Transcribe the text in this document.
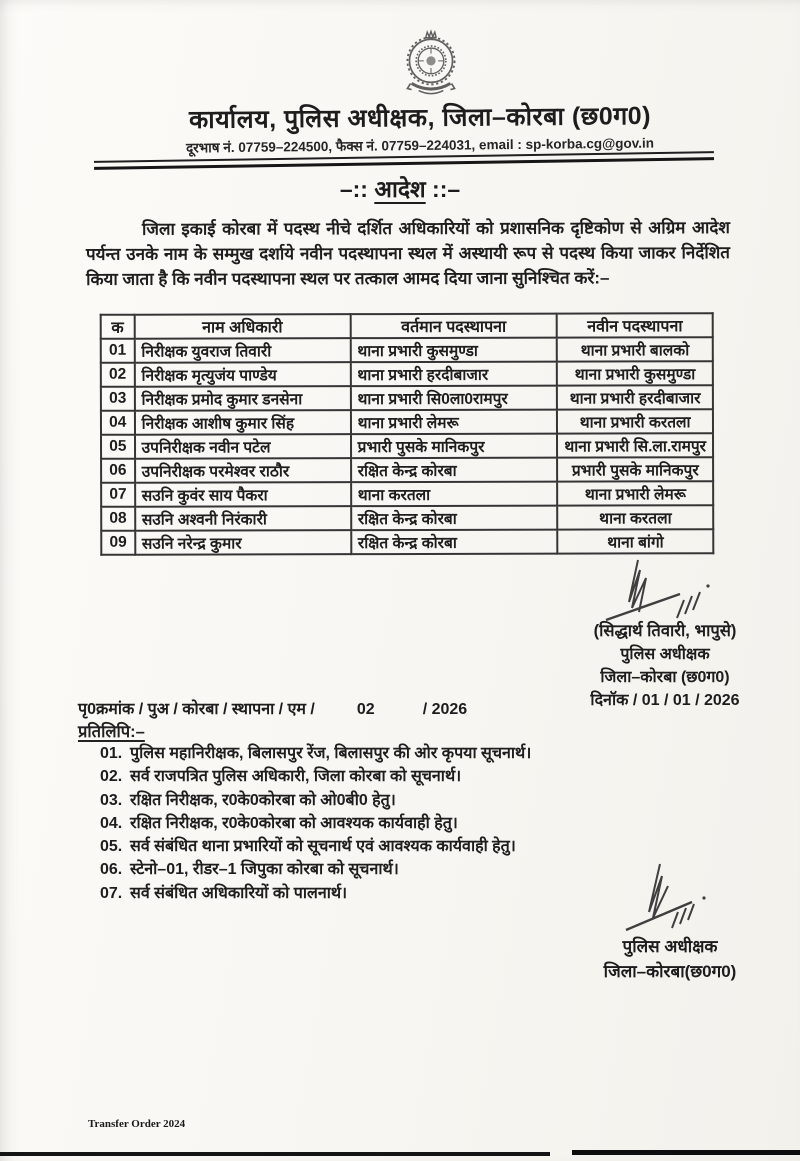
कार्यालय, पुलिस अधीक्षक, जिला–कोरबा (छ0ग0)
दूरभाष नं. 07759–224500, फैक्स नं. 07759–224031, email : sp-korba.cg@gov.in
–:: आदेश ::–
जिला इकाई कोरबा में पदस्थ नीचे दर्शित अधिकारियों को प्रशासनिक दृष्टिकोण से अग्रिम आदेश पर्यन्त उनके नाम के सम्मुख दर्शाये नवीन पदस्थापना स्थल में अस्थायी रूप से पदस्थ किया जाकर निर्देशित किया जाता है कि नवीन पदस्थापना स्थल पर तत्काल आमद दिया जाना सुनिश्चित करें:–
क	नाम अधिकारी	वर्तमान पदस्थापना	नवीन पदस्थापना
01	निरीक्षक युवराज तिवारी	थाना प्रभारी कुसमुण्डा	थाना प्रभारी बालको
02	निरीक्षक मृत्युजंय पाण्डेय	थाना प्रभारी हरदीबाजार	थाना प्रभारी कुसमुण्डा
03	निरीक्षक प्रमोद कुमार डनसेना	थाना प्रभारी सि0ला0रामपुर	थाना प्रभारी हरदीबाजार
04	निरीक्षक आशीष कुमार सिंह	थाना प्रभारी लेमरू	थाना प्रभारी करतला
05	उपनिरीक्षक नवीन पटेल	प्रभारी पुसके मानिकपुर	थाना प्रभारी सि.ला.रामपुर
06	उपनिरीक्षक परमेश्वर राठौर	रक्षित केन्द्र कोरबा	प्रभारी पुसके मानिकपुर
07	सउनि कुवंर साय पैकरा	थाना करतला	थाना प्रभारी लेमरू
08	सउनि अश्वनी निरंकारी	रक्षित केन्द्र कोरबा	थाना करतला
09	सउनि नरेन्द्र कुमार	रक्षित केन्द्र कोरबा	थाना बांगो
(सिद्धार्थ तिवारी, भापुसे)
पुलिस अधीक्षक
जिला–कोरबा (छ0ग0)
दिनॉक / 01 / 01 / 2026
पृ0क्रमांक / पुअ / कोरबा / स्थापना / एम /	02	/ 2026
प्रतिलिपि:–
01. पुलिस महानिरीक्षक, बिलासपुर रेंज, बिलासपुर की ओर कृपया सूचनार्थ।
02. सर्व राजपत्रित पुलिस अधिकारी, जिला कोरबा को सूचनार्थ।
03. रक्षित निरीक्षक, र0के0कोरबा को ओ0बी0 हेतु।
04. रक्षित निरीक्षक, र0के0कोरबा को आवश्यक कार्यवाही हेतु।
05. सर्व संबंधित थाना प्रभारियों को सूचनार्थ एवं आवश्यक कार्यवाही हेतु।
06. स्टेनो–01, रीडर–1 जिपुका कोरबा को सूचनार्थ।
07. सर्व संबंधित अधिकारियों को पालनार्थ।
पुलिस अधीक्षक
जिला–कोरबा(छ0ग0)
Transfer Order 2024
